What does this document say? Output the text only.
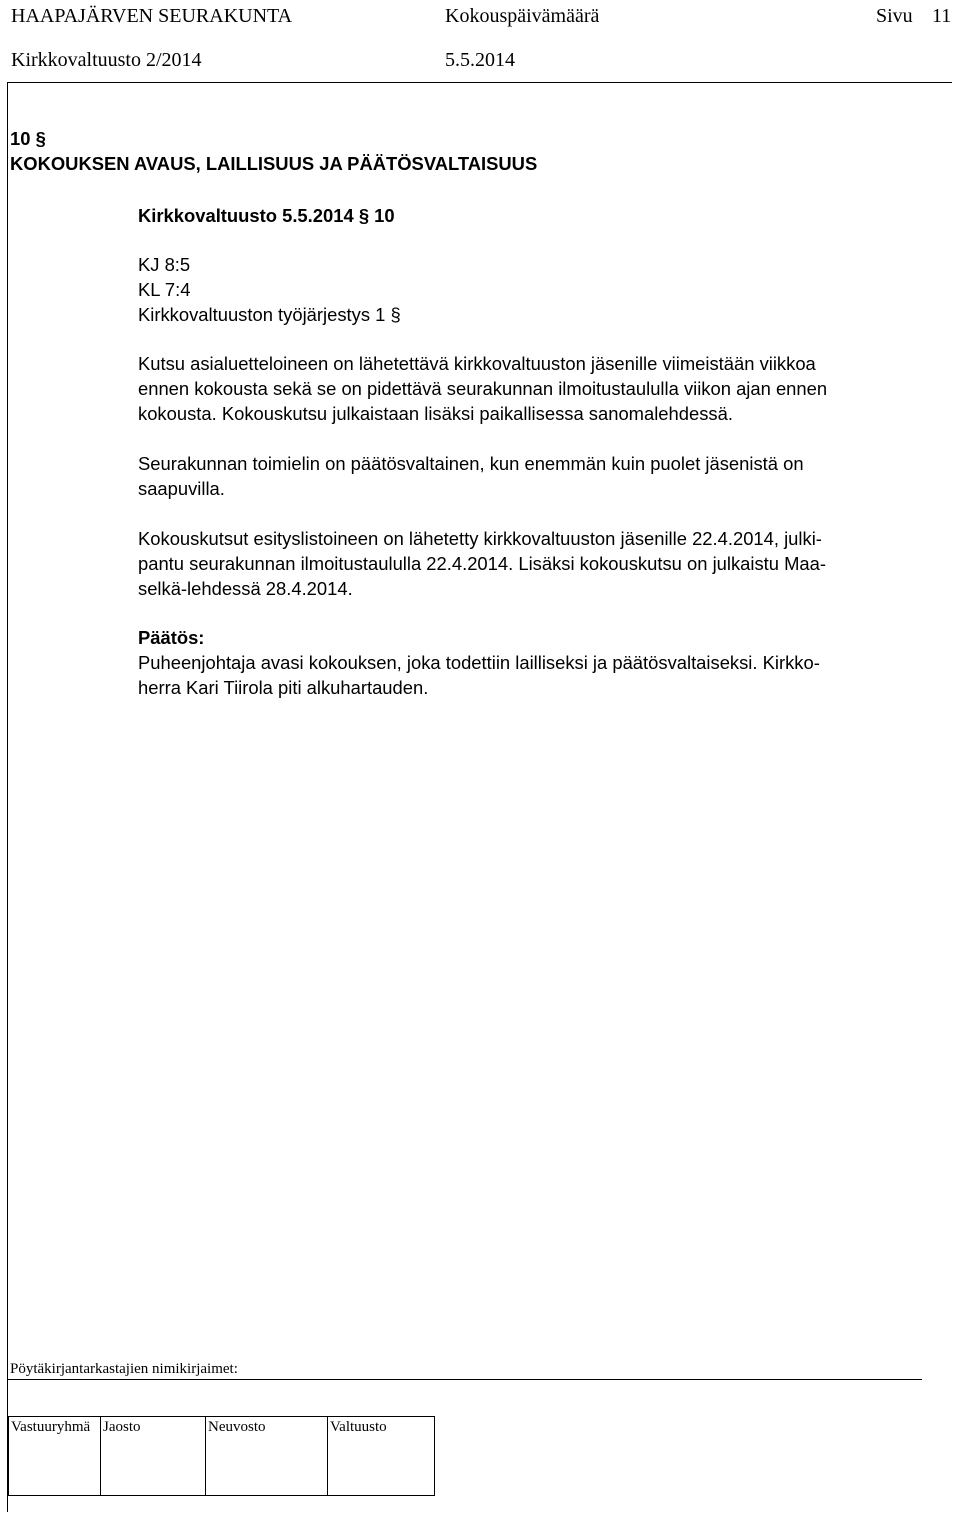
HAAPAJÄRVEN SEURAKUNTA	Kokouspäivämäärä	Sivu 11
Kirkkovaltuusto 2/2014	5.5.2014
10 §
KOKOUKSEN AVAUS, LAILLISUUS JA PÄÄTÖSVALTAISUUS
Kirkkovaltuusto 5.5.2014 § 10
KJ 8:5
KL 7:4
Kirkkovaltuuston työjärjestys 1 §
Kutsu asialuetteloineen on lähetettävä kirkkovaltuuston jäsenille viimeistään viikkoa
ennen kokousta sekä se on pidettävä seurakunnan ilmoitustaululla viikon ajan ennen
kokousta. Kokouskutsu julkaistaan lisäksi paikallisessa sanomalehdessä.
Seurakunnan toimielin on päätösvaltainen, kun enemmän kuin puolet jäsenistä on
saapuvilla.
Kokouskutsut esityslistoineen on lähetetty kirkkovaltuuston jäsenille 22.4.2014, julki-
pantu seurakunnan ilmoitustaululla 22.4.2014. Lisäksi kokouskutsu on julkaistu Maa-
selkä-lehdessä 28.4.2014.
Päätös:
Puheenjohtaja avasi kokouksen, joka todettiin lailliseksi ja päätösvaltaiseksi. Kirkko-
herra Kari Tiirola piti alkuhartauden.
Pöytäkirjantarkastajien nimikirjaimet:
Vastuuryhmä	Jaosto	Neuvosto	Valtuusto
